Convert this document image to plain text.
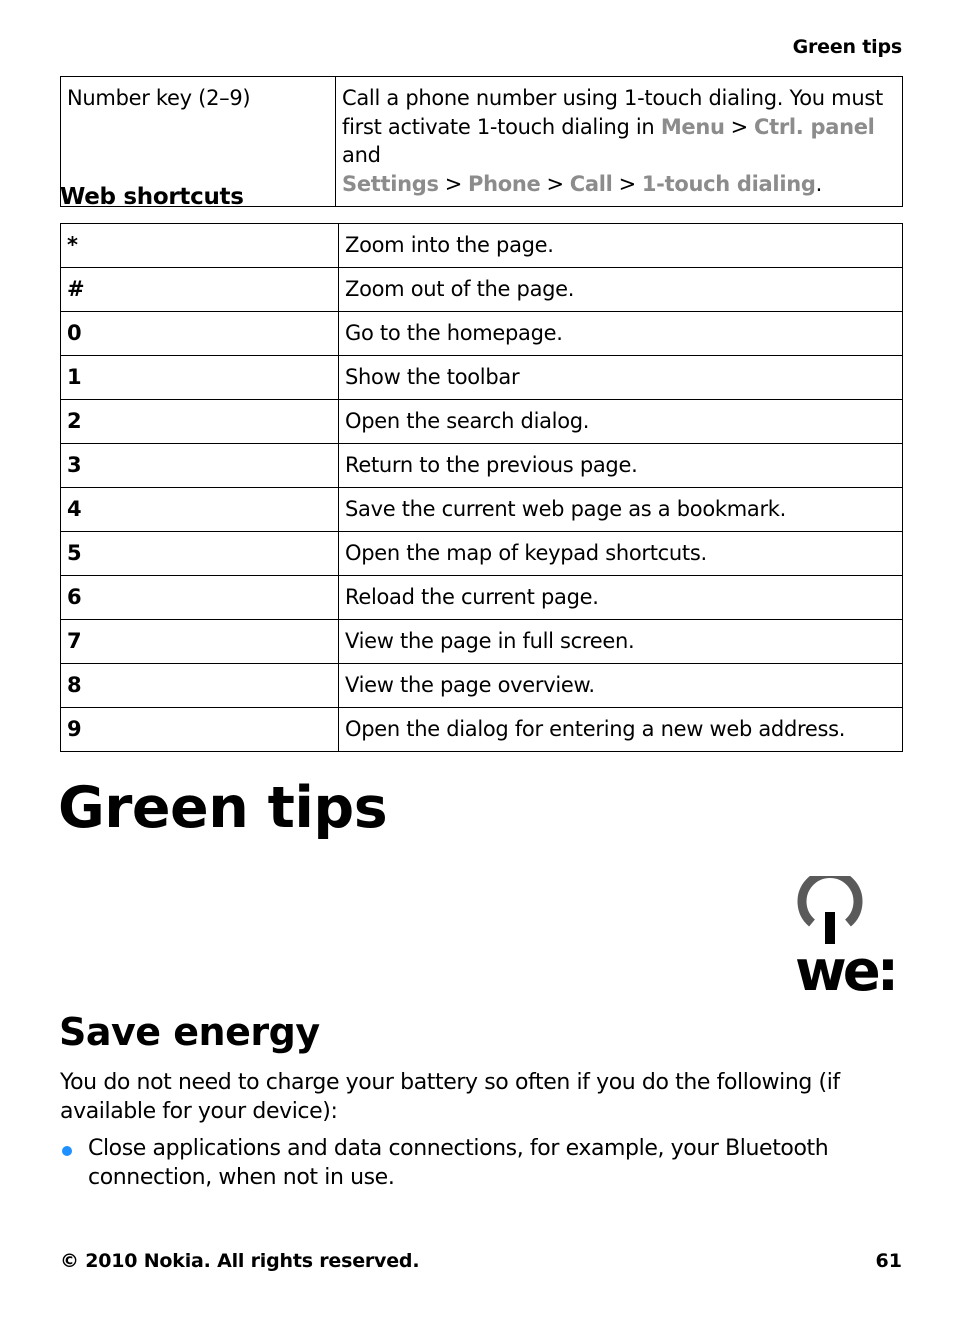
Green tips
Number key (2–9)	Call a phone number using 1-touch dialing. You must first activate 1-touch dialing in Menu > Ctrl. panel and
Settings > Phone > Call > 1-touch dialing.
Web shortcuts
*	Zoom into the page.
#	Zoom out of the page.
0	Go to the homepage.
1	Show the toolbar
2	Open the search dialog.
3	Return to the previous page.
4	Save the current web page as a bookmark.
5	Open the map of keypad shortcuts.
6	Reload the current page.
7	View the page in full screen.
8	View the page overview.
9	Open the dialog for entering a new web address.
Green tips
we:
Save energy

You do not need to charge your battery so often if you do the following (if available for your device):

Close applications and data connections, for example, your Bluetooth connection, when not in use.
© 2010 Nokia. All rights reserved.	61
